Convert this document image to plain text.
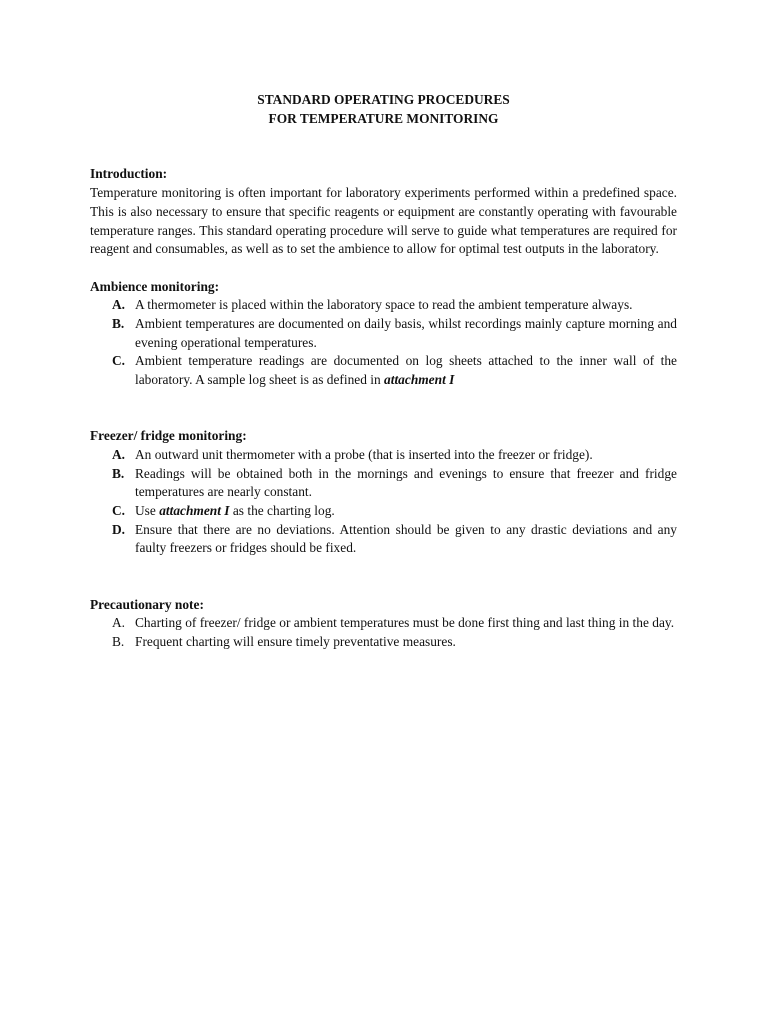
STANDARD OPERATING PROCEDURES
FOR TEMPERATURE MONITORING

Introduction:

Temperature monitoring is often important for laboratory experiments performed within a predefined space. This is also necessary to ensure that specific reagents or equipment are constantly operating with favourable temperature ranges. This standard operating procedure will serve to guide what temperatures are required for reagent and consumables, as well as to set the ambience to allow for optimal test outputs in the laboratory.

Ambience monitoring:

A. A thermometer is placed within the laboratory space to read the ambient temperature always.
B. Ambient temperatures are documented on daily basis, whilst recordings mainly capture morning and evening operational temperatures.
C. Ambient temperature readings are documented on log sheets attached to the inner wall of the laboratory. A sample log sheet is as defined in attachment I

Freezer/ fridge monitoring:

A. An outward unit thermometer with a probe (that is inserted into the freezer or fridge).
B. Readings will be obtained both in the mornings and evenings to ensure that freezer and fridge temperatures are nearly constant.
C. Use attachment I as the charting log.
D. Ensure that there are no deviations. Attention should be given to any drastic deviations and any faulty freezers or fridges should be fixed.

Precautionary note:

A. Charting of freezer/ fridge or ambient temperatures must be done first thing and last thing in the day.
B. Frequent charting will ensure timely preventative measures.
